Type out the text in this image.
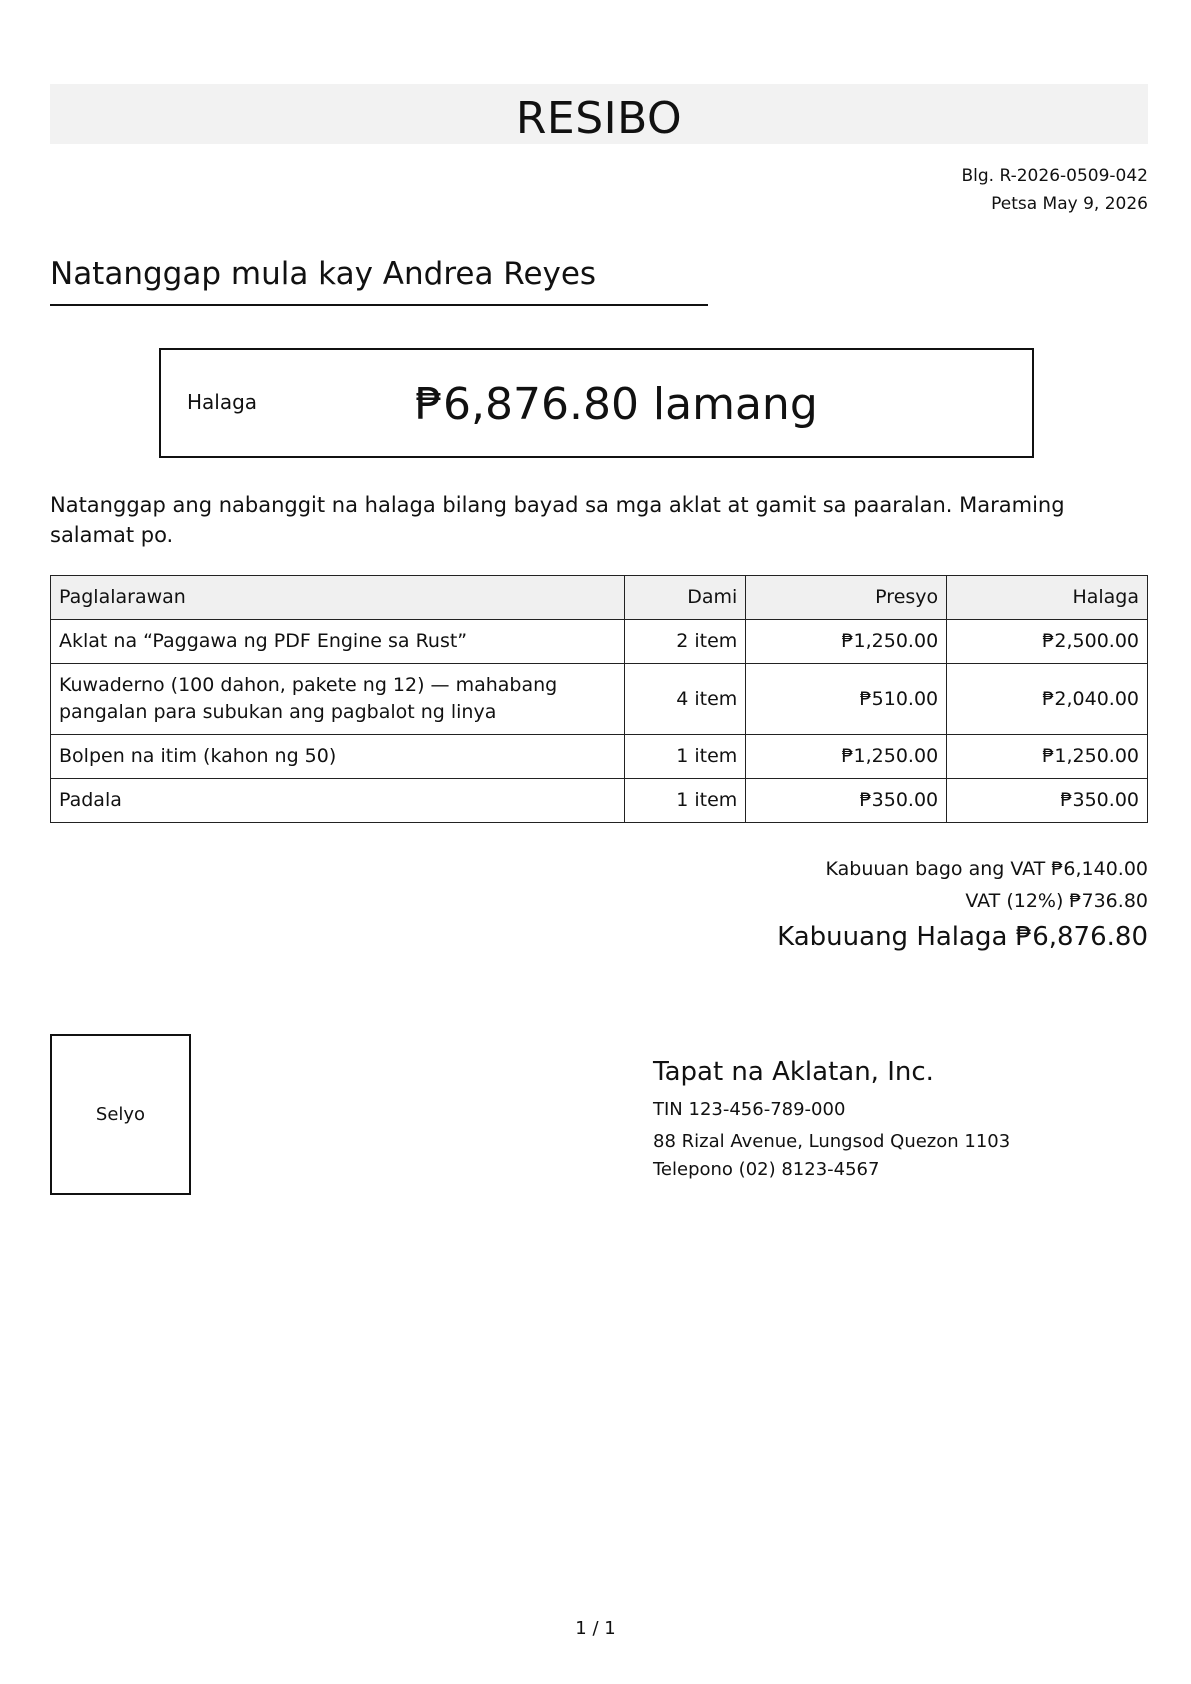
RESIBO
Blg. R-2026-0509-042
Petsa May 9, 2026
Natanggap mula kay Andrea Reyes
Halaga	₱6,876.80 lamang
Natanggap ang nabanggit na halaga bilang bayad sa mga aklat at gamit sa paaralan. Maraming salamat po.
Paglalarawan	Dami	Presyo	Halaga
Aklat na “Paggawa ng PDF Engine sa Rust”	2 item	₱1,250.00	₱2,500.00
Kuwaderno (100 dahon, pakete ng 12) — mahabang pangalan para subukan ang pagbalot ng linya	4 item	₱510.00	₱2,040.00
Bolpen na itim (kahon ng 50)	1 item	₱1,250.00	₱1,250.00
Padala	1 item	₱350.00	₱350.00
Kabuuan bago ang VAT ₱6,140.00
VAT (12%) ₱736.80
Kabuuang Halaga ₱6,876.80
Selyo
Tapat na Aklatan, Inc.
TIN 123-456-789-000
88 Rizal Avenue, Lungsod Quezon 1103
Telepono (02) 8123-4567
1 / 1
